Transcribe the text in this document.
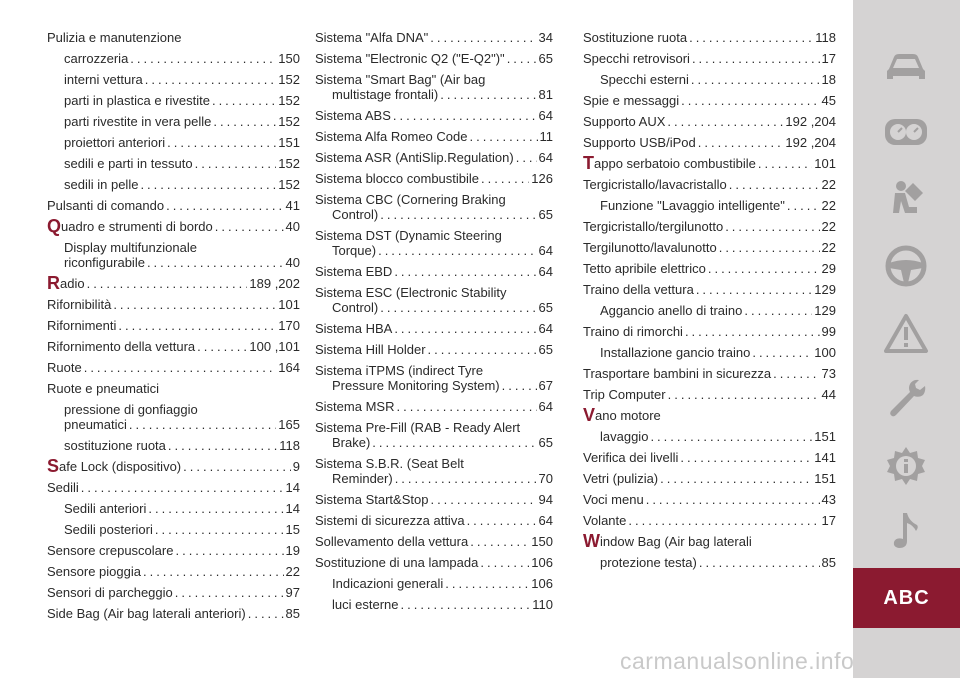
Pulizia e manutenzione
carrozzeria .....	150
interni vettura .....	152
parti in plastica e rivestite .....	152
parti rivestite in vera pelle .....	152
proiettori anteriori .....	151
sedili e parti in tessuto .....	152
sedili in pelle .....	152
Pulsanti di comando .....	41
Q uadro e strumenti di bordo .....	40
Display multifunzionale
riconfigurabile .....	40
R adio .....	189 ,202
Rifornibilità .....	101
Rifornimenti .....	170
Rifornimento della vettura .....	100 ,101
Ruote .....	164
Ruote e pneumatici
pressione di gonfiaggio
pneumatici .....	165
sostituzione ruota .....	118
S afe Lock (dispositivo) .....	9
Sedili .....	14
Sedili anteriori .....	14
Sedili posteriori .....	15
Sensore crepuscolare .....	19
Sensore pioggia .....	22
Sensori di parcheggio .....	97
Side Bag (Air bag laterali anteriori) .....	85
Sistema "Alfa DNA" .....	34
Sistema "Electronic Q2 ("E-Q2")" .....	65
Sistema "Smart Bag" (Air bag
multistage frontali) .....	81
Sistema ABS .....	64
Sistema Alfa Romeo Code .....	11
Sistema ASR (AntiSlip.Regulation) ..... 64
Sistema blocco combustibile .....	126
Sistema CBC (Cornering Braking
Control) .....	65
Sistema DST (Dynamic Steering
Torque) .....	64
Sistema EBD .....	64
Sistema ESC (Electronic Stability
Control) .....	65
Sistema HBA .....	64
Sistema Hill Holder .....	65
Sistema iTPMS (indirect Tyre
Pressure Monitoring System) .....	67
Sistema MSR .....	64
Sistema Pre-Fill (RAB - Ready Alert
Brake) .....	65
Sistema S.B.R. (Seat Belt
Reminder) .....	70
Sistema Start&Stop .....	94
Sistemi di sicurezza attiva .....	64
Sollevamento della vettura .....	150
Sostituzione di una lampada .....	106
Indicazioni generali .....	106
luci esterne .....	110
Sostituzione ruota .....	118
Specchi retrovisori .....	17
Specchi esterni .....	18
Spie e messaggi .....	45
Supporto AUX .....	192 ,204
Supporto USB/iPod .....	192 ,204
T appo serbatoio combustibile .....	101
Tergicristallo/lavacristallo .....	22
Funzione "Lavaggio intelligente" .....	22
Tergicristallo/tergilunotto .....	22
Tergilunotto/lavalunotto .....	22
Tetto apribile elettrico .....	29
Traino della vettura .....	129
Aggancio anello di traino .....	129
Traino di rimorchi .....	99
Installazione gancio traino .....	100
Trasportare bambini in sicurezza .....	73
Trip Computer .....	44
V ano motore
lavaggio .....	151
Verifica dei livelli .....	141
Vetri (pulizia) .....	151
Voci menu .....	43
Volante .....	17
W indow Bag (Air bag laterali
protezione testa) .....	85
ABC
carmanualsonline.info
